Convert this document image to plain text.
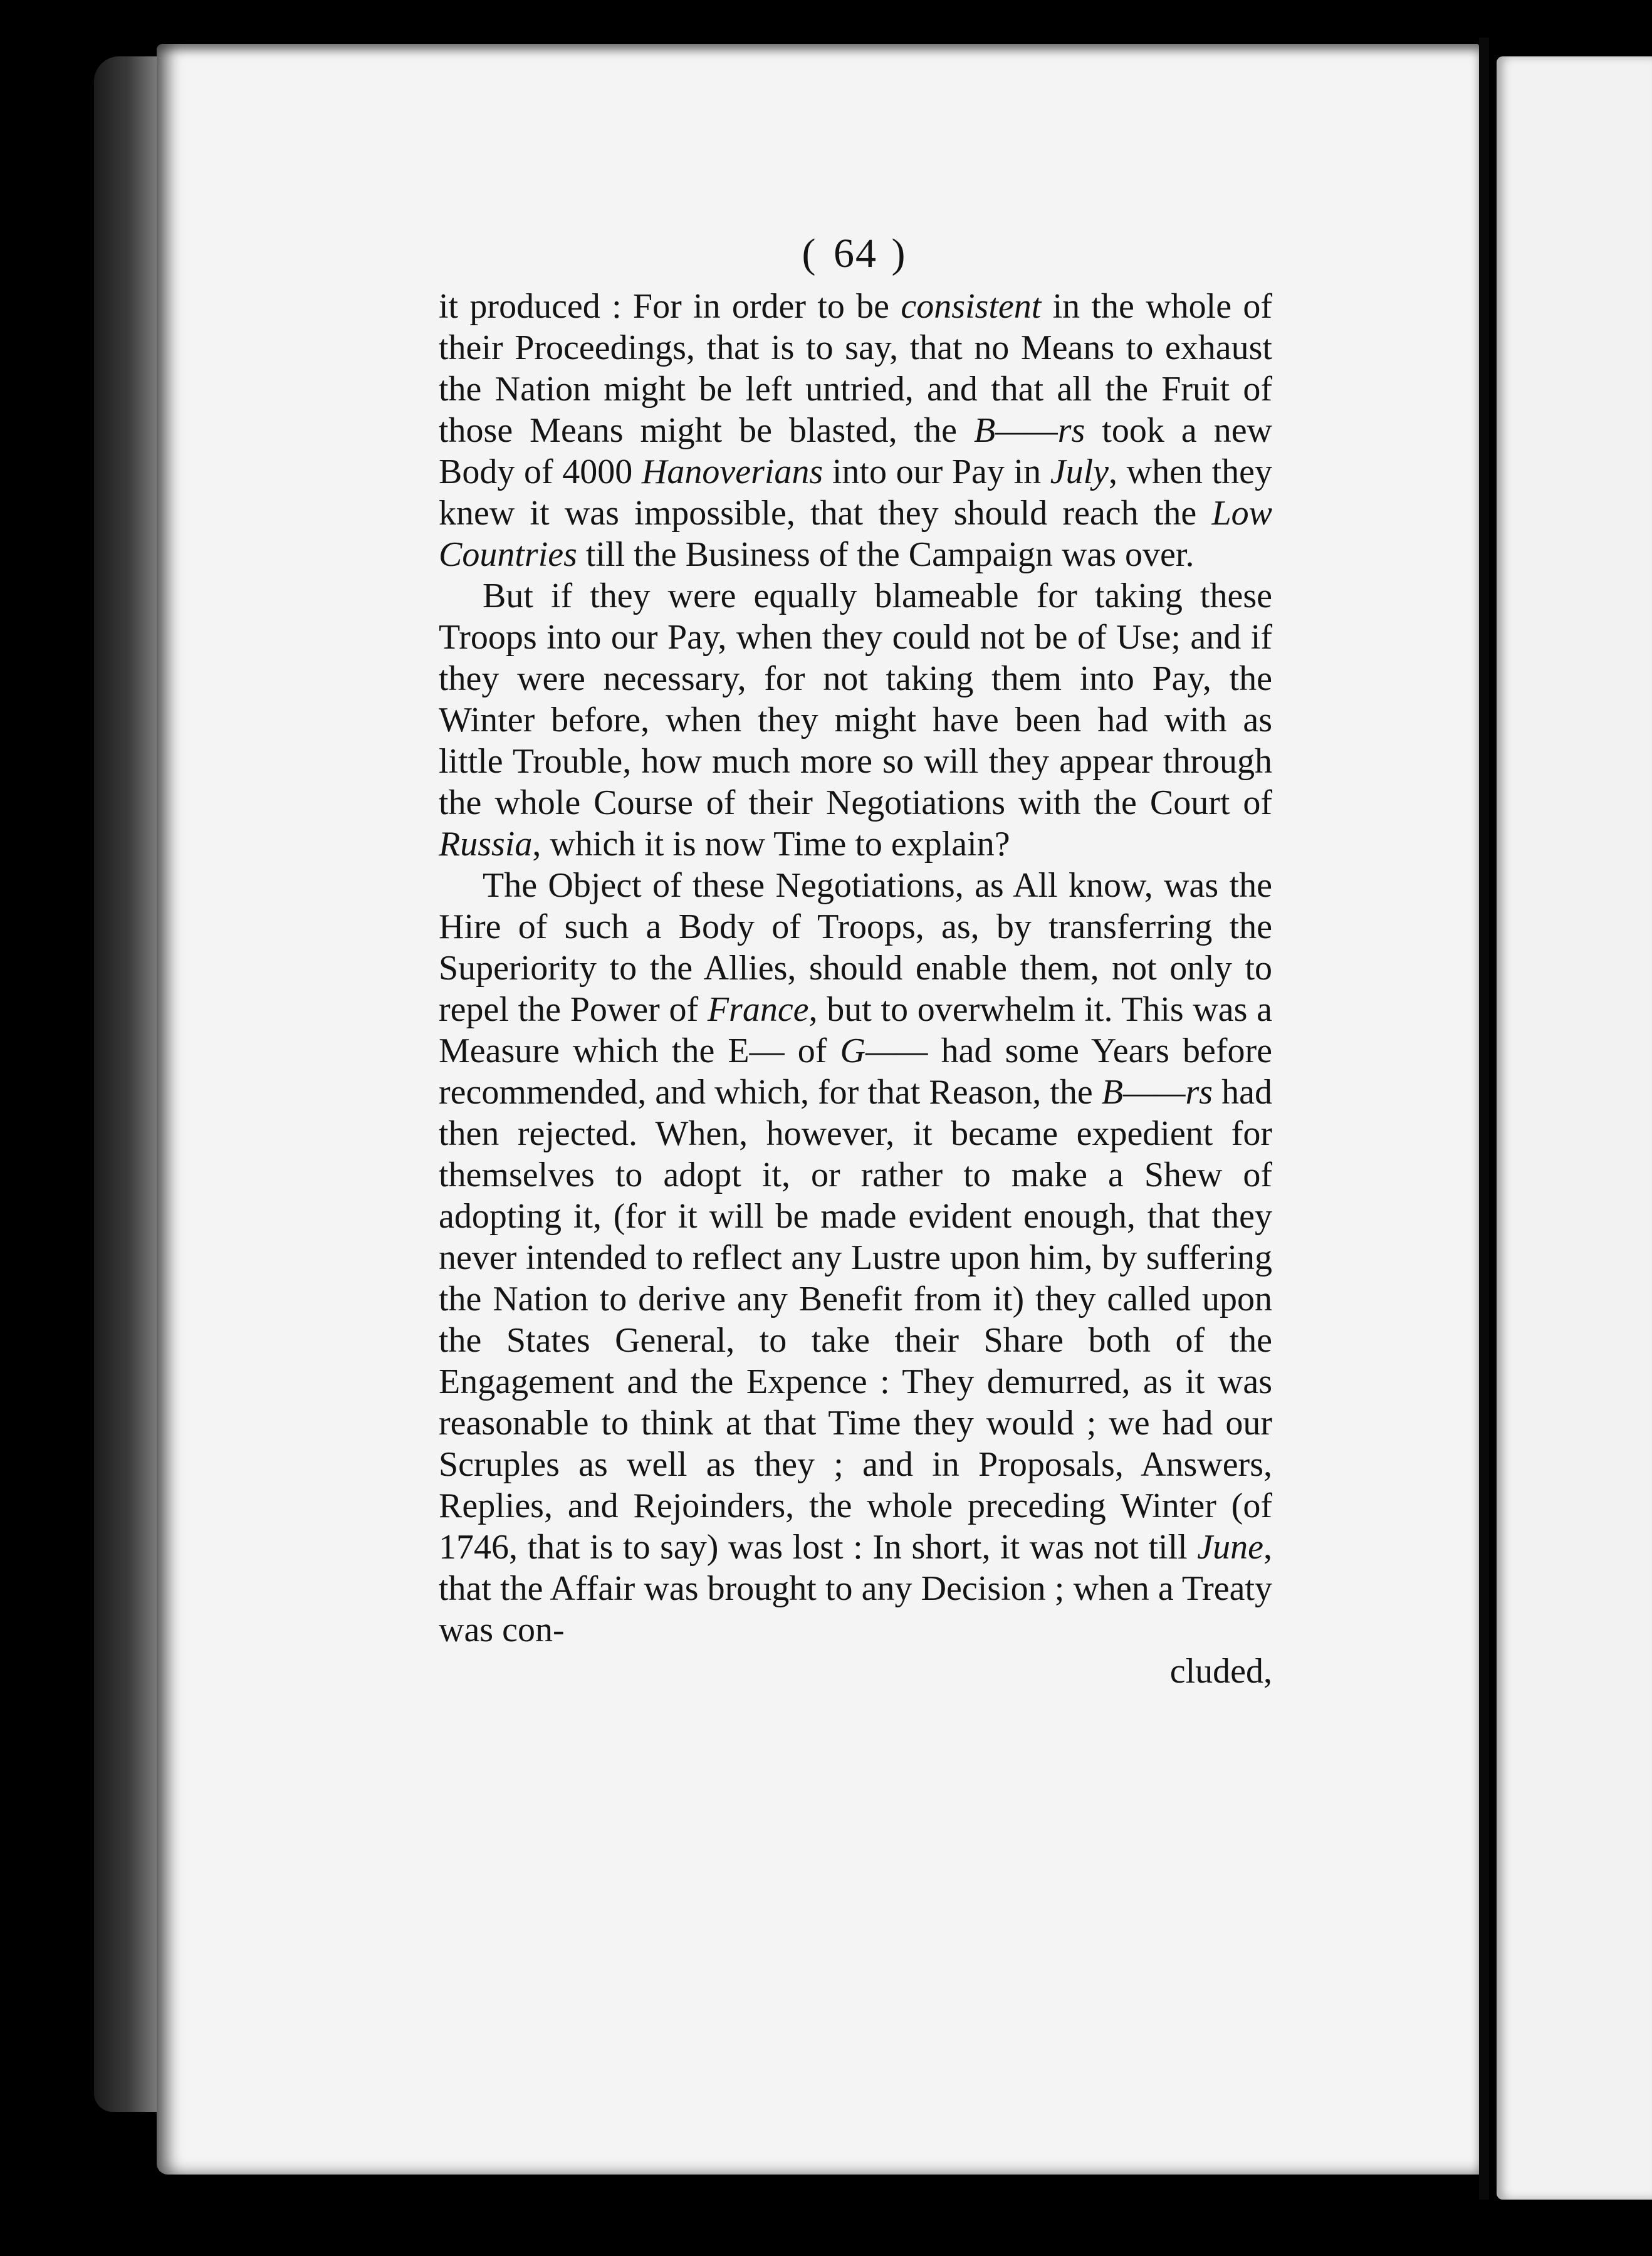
( 64 )

it produced : For in order to be consistent in the whole of their Proceedings, that is to say, that no Means to exhaust the Nation might be left untried, and that all the Fruit of those Means might be blasted, the B——rs took a new Body of 4000 Hanoverians into our Pay in July, when they knew it was impossible, that they should reach the Low Countries till the Business of the Campaign was over.

But if they were equally blameable for taking these Troops into our Pay, when they could not be of Use; and if they were necessary, for not taking them into Pay, the Winter before, when they might have been had with as little Trouble, how much more so will they appear through the whole Course of their Negotiations with the Court of Russia, which it is now Time to explain?

The Object of these Negotiations, as All know, was the Hire of such a Body of Troops, as, by transferring the Superiority to the Allies, should enable them, not only to repel the Power of France, but to overwhelm it. This was a Measure which the E— of G—— had some Years before recommended, and which, for that Reason, the B——rs had then rejected. When, however, it became expedient for themselves to adopt it, or rather to make a Shew of adopting it, (for it will be made evident enough, that they never intended to reflect any Lustre upon him, by suffering the Nation to derive any Benefit from it) they called upon the States General, to take their Share both of the Engagement and the Expence : They demurred, as it was reasonable to think at that Time they would ; we had our Scruples as well as they ; and in Proposals, Answers, Replies, and Rejoinders, the whole preceding Winter (of 1746, that is to say) was lost : In short, it was not till June, that the Affair was brought to any Decision ; when a Treaty was con-

cluded,
